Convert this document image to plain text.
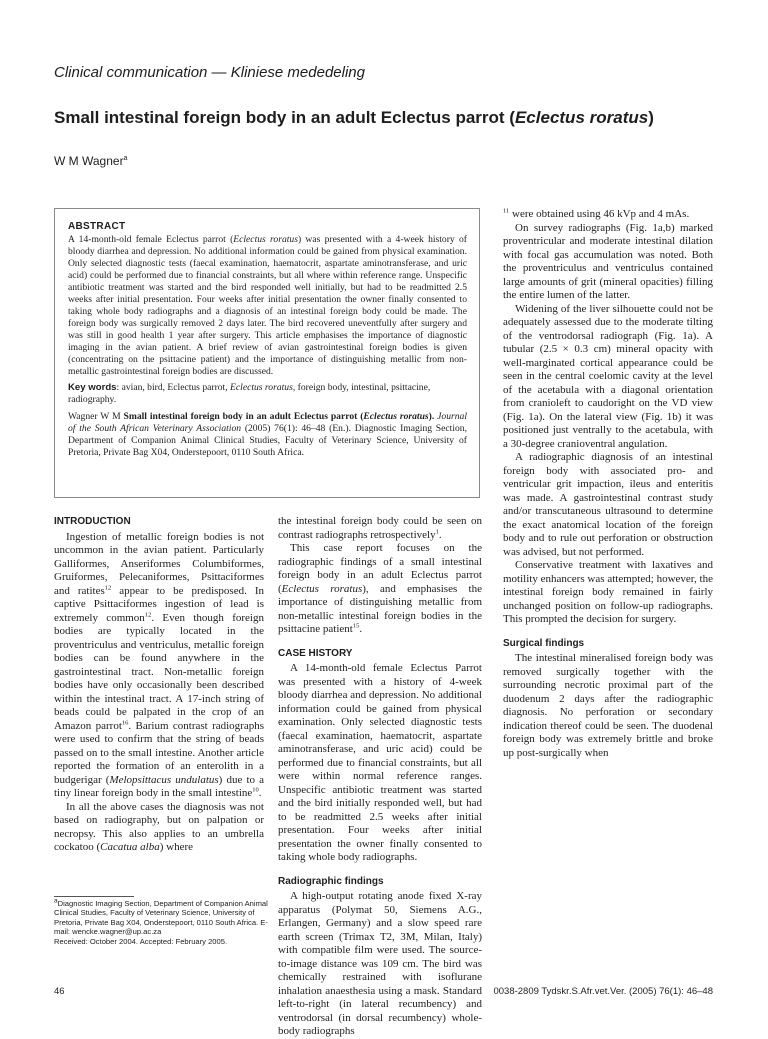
Clinical communication — Kliniese mededeling
Small intestinal foreign body in an adult Eclectus parrot (Eclectus roratus)
W M Wagner$^a$
ABSTRACT

A 14-month-old female Eclectus parrot (Eclectus roratus) was presented with a 4-week history of bloody diarrhea and depression. No additional information could be gained from physical examination. Only selected diagnostic tests (faecal examination, haematocrit, aspartate aminotransferase, and uric acid) could be performed due to financial constraints, but all where within reference range. Unspecific antibiotic treatment was started and the bird responded well initially, but had to be readmitted 2.5 weeks after initial presentation. Four weeks after initial presentation the owner finally consented to taking whole body radiographs and a diagnosis of an intestinal foreign body could be made. The foreign body was surgically removed 2 days later. The bird recovered uneventfully after surgery and was still in good health 1 year after surgery. This article emphasises the importance of diagnostic imaging in the avian patient. A brief review of avian gastrointestinal foreign bodies is given (concentrating on the psittacine patient) and the importance of distinguishing metallic from non-metallic gastrointestinal foreign bodies are discussed.

Key words: avian, bird, Eclectus parrot, Eclectus roratus, foreign body, intestinal, psittacine, radiography.
Wagner W M Small intestinal foreign body in an adult Eclectus parrot (Eclectus roratus). Journal of the South African Veterinary Association (2005) 76(1): 46–48 (En.). Diagnostic Imaging Section, Department of Companion Animal Clinical Studies, Faculty of Veterinary Science, University of Pretoria, Private Bag X04, Onderstepoort, 0110 South Africa.
INTRODUCTION

Ingestion of metallic foreign bodies is not uncommon in the avian patient. Particularly Galliformes, Anseriformes Columbiformes, Gruiformes, Pelecaniformes, Psittaciformes and ratites$^{12}$ appear to be predisposed. In captive Psittaciformes ingestion of lead is extremely common$^{12}$. Even though foreign bodies are typically located in the proventriculus and ventriculus, metallic foreign bodies can be found anywhere in the gastrointestinal tract. Non-metallic foreign bodies have only occasionally been described within the intestinal tract. A 17-inch string of beads could be palpated in the crop of an Amazon parrot$^{16}$. Barium contrast radiographs were used to confirm that the string of beads passed on to the small intestine. Another article reported the formation of an enterolith in a budgerigar (Melopsittacus undulatus) due to a tiny linear foreign body in the small intestine$^{10}$.

In all the above cases the diagnosis was not based on radiography, but on palpation or necropsy. This also applies to an umbrella cockatoo (Cacatua alba) where

the intestinal foreign body could be seen on contrast radiographs retrospectively$^1$.

This case report focuses on the radiographic findings of a small intestinal foreign body in an adult Eclectus parrot (Eclectus roratus), and emphasises the importance of distinguishing metallic from non-metallic intestinal foreign bodies in the psittacine patient$^{15}$.

CASE HISTORY

A 14-month-old female Eclectus Parrot was presented with a history of 4-week bloody diarrhea and depression. No additional information could be gained from physical examination. Only selected diagnostic tests (faecal examination, haematocrit, aspartate aminotransferase, and uric acid) could be performed due to financial constraints, but all were within normal reference ranges. Unspecific antibiotic treatment was started and the bird initially responded well, but had to be readmitted 2.5 weeks after initial presentation. Four weeks after initial presentation the owner finally consented to taking whole body radiographs.

Radiographic findings

A high-output rotating anode fixed X-ray apparatus (Polymat 50, Siemens A.G., Erlangen, Germany) and a slow speed rare earth screen (Trimax T2, 3M, Milan, Italy) with compatible film were used. The source-to-image distance was 109 cm. The bird was chemically restrained with isoflurane inhalation anaesthesia using a mask. Standard left-to-right (in lateral recumbency) and ventrodorsal (in dorsal recumbency) whole-body radiographs

$^{11}$ were obtained using 46 kVp and 4 mAs.

On survey radiographs (Fig. 1a,b) marked proventricular and moderate intestinal dilation with focal gas accumulation was noted. Both the proventriculus and ventriculus contained large amounts of grit (mineral opacities) filling the entire lumen of the latter.

Widening of the liver silhouette could not be adequately assessed due to the moderate tilting of the ventrodorsal radiograph (Fig. 1a). A tubular (2.5 × 0.3 cm) mineral opacity with well-marginated cortical appearance could be seen in the central coelomic cavity at the level of the acetabula with a diagonal orientation from cranioleft to caudoright on the VD view (Fig. 1a). On the lateral view (Fig. 1b) it was positioned just ventrally to the acetabula, with a 30-degree cranioventral angulation.

A radiographic diagnosis of an intestinal foreign body with associated pro- and ventricular grit impaction, ileus and enteritis was made. A gastrointestinal contrast study and/or transcutaneous ultrasound to determine the exact anatomical location of the foreign body and to rule out perforation or obstruction was advised, but not performed.

Conservative treatment with laxatives and motility enhancers was attempted; however, the intestinal foreign body remained in fairly unchanged position on follow-up radiographs. This prompted the decision for surgery.

Surgical findings

The intestinal mineralised foreign body was removed surgically together with the surrounding necrotic proximal part of the duodenum 2 days after the radiographic diagnosis. No perforation or secondary indication thereof could be seen. The duodenal foreign body was extremely brittle and broke up post-surgically when

$^a$Diagnostic Imaging Section, Department of Companion Animal Clinical Studies, Faculty of Veterinary Science, University of Pretoria, Private Bag X04, Onderstepoort, 0110 South Africa. E-mail: wencke.wagner@up.ac.za
Received: October 2004. Accepted: February 2005.
46	0038-2809 Tydskr.S.Afr.vet.Ver. (2005) 76(1): 46–48
